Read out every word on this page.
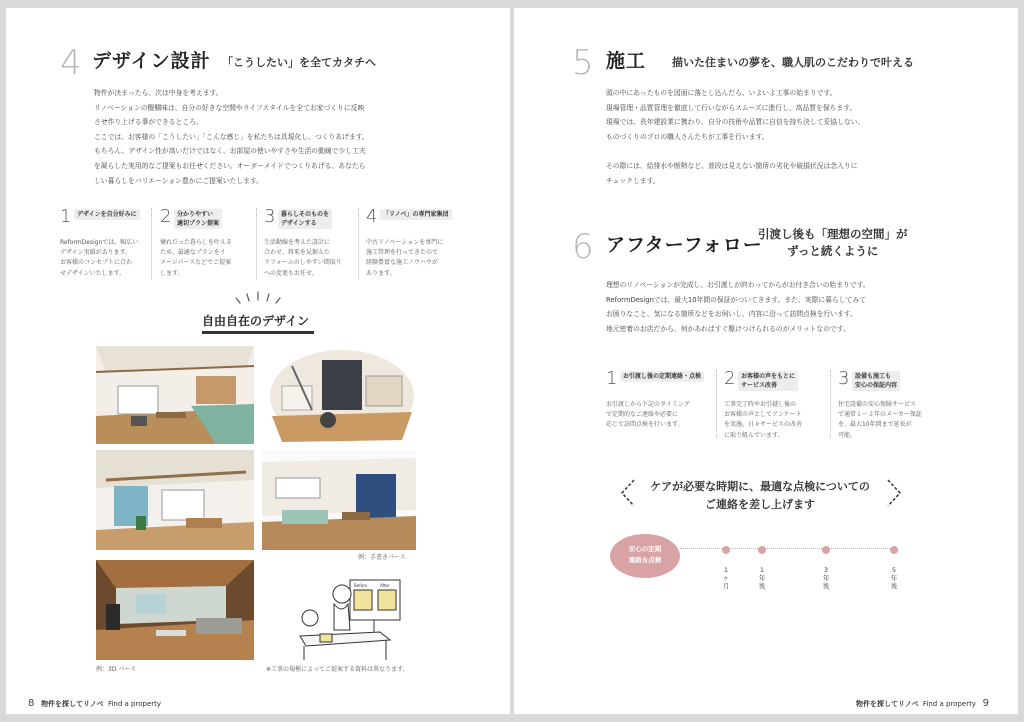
4 デザイン設計 「こうしたい」を全てカタチへ
物件が決まったら、次は中身を考えます。
リノベーションの醍醐味は、自分の好きな空間やライフスタイルを全てお家づくりに反映
させ作り上げる事ができるところ。
ここでは、お客様の「こうしたい」「こんな感じ」を私たちは具現化し、つくりあげます。
もちろん、デザイン性が高いだけではなく、お部屋の使いやすさや生活の動線で少し工夫
を凝らした実用的なご提案もお任せください。オーダーメイドでつくりあげる、あなたら
しい暮らしをバリエーション豊かにご提案いたします。
1 デザインを自分好みに
ReformDesignでは、幅広い
デザイン実績があります。
お客様のコンセプトに合わ
せデザインいたします。
2 分かりやすい
適切プラン提案
憧れだった暮らしを叶える
ため、最適なプランをイ
メージパースなどでご提案
します。
3 暮らしそのものを
デザインする
生活動線を考えた設計に
合わせ、将来を見据えた
リフォームのしやすい間取り
への変更もお任せ。
4 「リノベ」の専門家集団
中古リノベーションを専門に
施工管理を行ってきたので
経験豊富な施工ノウハウが
あります。
自由自在のデザイン
例：手書きパース
例：3D パース
Before	After
※工事の規模によってご提案する資料は異なります。
8 物件を探してリノベ Find a property
5 施工 描いた住まいの夢を、職人肌のこだわりで叶える
頭の中にあったものを図面に落とし込んだら、いよいよ工事の始まりです。
現場管理・品質管理を徹底して行いながらスムーズに進行し、高品質を保ちます。
現場では、長年建設業に携わり、自分の技術や品質に自信を持ち決して妥協しない、
ものづくりのプロの職人さんたちが工事を行います。

その際には、給排水や断熱など、普段は見えない箇所の劣化や破損状況は念入りに
チェックします。
6 アフターフォロー
引渡し後も「理想の空間」が
ずっと続くように
理想のリノベーションが完成し、お引渡しが終わってからがお付き合いの始まりです。
ReformDesignでは、最大10年間の保証がついてきます。また、実際に暮らしてみて
お困りなこと、気になる箇所などをお伺いし、内容に沿って訪問点検を行います。
地元密着のお店だから、何かあればすぐ駆けつけられるのがメリットなのです。
1 お引渡し後の定期連絡・点検
お引渡しから下記のタイミング
で定期的なご連絡や必要に
応じて訪問点検を行います。
2 お客様の声をもとに
サービス改善
工事完了時やお引越し後の
お客様の声としてアンケート
を実施。日々サービスの改善
に取り組んでいます。
3 設備も施工も
安心の保証内容
住宅設備の安心保険サービス
で通常１〜２年のメーカー保証
を、最大10年間まで延長が
可能。
ケアが必要な時期に、最適な点検についての
ご連絡を差し上げます
安心の定期
連絡＆点検
1
ヶ
月
1
年
後
3
年
後
5
年
後
物件を探してリノベ Find a property 9
